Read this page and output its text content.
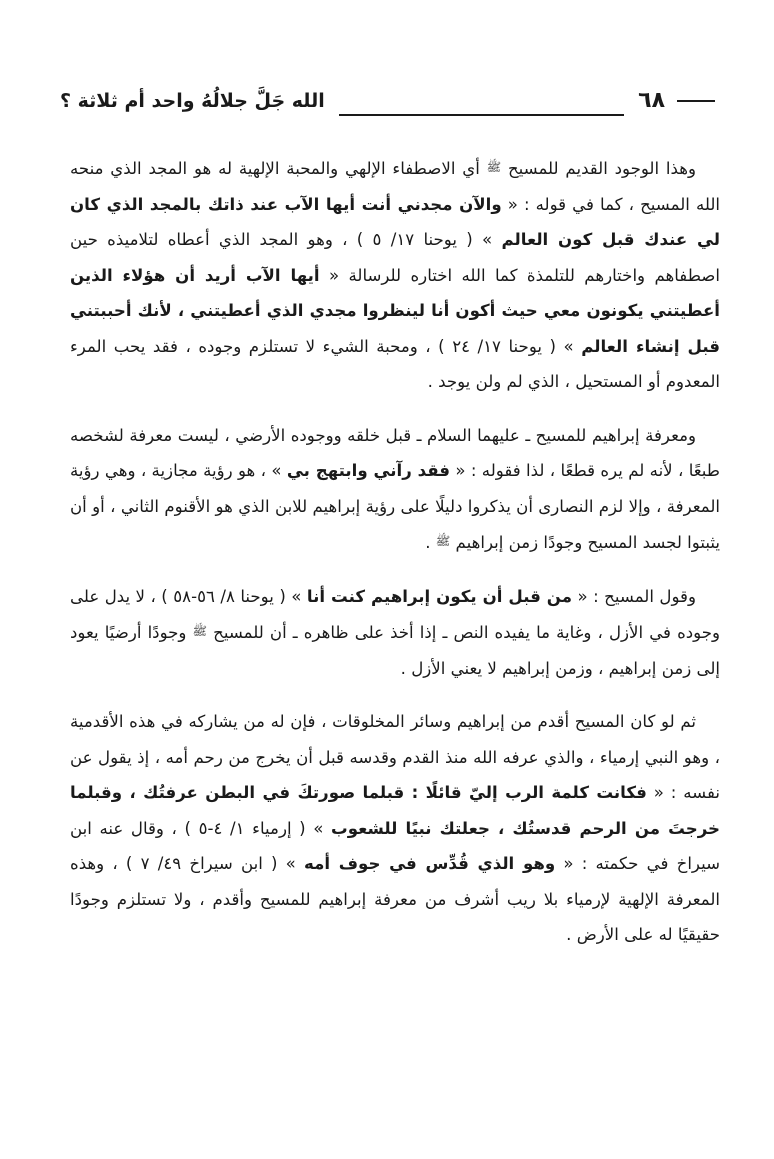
٦٨
الله جَلَّ جلالُهُ واحد أم ثلاثة ؟

وهذا الوجود القديم للمسيح ﷺ أي الاصطفاء الإلهي والمحبة الإلهية له هو المجد الذي منحه الله المسيح ، كما في قوله : « والآن مجدني أنت أيها الآب عند ذاتك بالمجد الذي كان لي عندك قبل كون العالم » ( يوحنا ١٧/ ٥ ) ، وهو المجد الذي أعطاه لتلاميذه حين اصطفاهم واختارهم للتلمذة كما الله اختاره للرسالة « أيها الآب أريد أن هؤلاء الذين أعطيتني يكونون معي حيث أكون أنا لينظروا مجدي الذي أعطيتني ، لأنك أحببتني قبل إنشاء العالم » ( يوحنا ١٧/ ٢٤ ) ، ومحبة الشيء لا تستلزم وجوده ، فقد يحب المرء المعدوم أو المستحيل ، الذي لم ولن يوجد .

ومعرفة إبراهيم للمسيح ـ عليهما السلام ـ قبل خلقه ووجوده الأرضي ، ليست معرفة لشخصه طبعًا ، لأنه لم يره قطعًا ، لذا فقوله : « فقد رآني وابتهج بي » ، هو رؤية مجازية ، وهي رؤية المعرفة ، وإلا لزم النصارى أن يذكروا دليلًا على رؤية إبراهيم للابن الذي هو الأقنوم الثاني ، أو أن يثبتوا لجسد المسيح وجودًا زمن إبراهيم ﷺ .

وقول المسيح : « من قبل أن يكون إبراهيم كنت أنا » ( يوحنا ٨/ ٥٦-٥٨ ) ، لا يدل على وجوده في الأزل ، وغاية ما يفيده النص ـ إذا أخذ على ظاهره ـ أن للمسيح ﷺ وجودًا أرضيًا يعود إلى زمن إبراهيم ، وزمن إبراهيم لا يعني الأزل .

ثم لو كان المسيح أقدم من إبراهيم وسائر المخلوقات ، فإن له من يشاركه في هذه الأقدمية ، وهو النبي إرمياء ، والذي عرفه الله منذ القدم وقدسه قبل أن يخرج من رحم أمه ، إذ يقول عن نفسه : « فكانت كلمة الرب إليّ قائلًا : قبلما صورتكَ في البطن عرفتُك ، وقبلما خرجتَ من الرحم قدستُك ، جعلتك نبيًا للشعوب » ( إرمياء ١/ ٤-٥ ) ، وقال عنه ابن سيراخ في حكمته : « وهو الذي قُدِّس في جوف أمه » ( ابن سيراخ ٤٩/ ٧ ) ، وهذه المعرفة الإلهية لإرمياء بلا ريب أشرف من معرفة إبراهيم للمسيح وأقدم ، ولا تستلزم وجودًا حقيقيًا له على الأرض .
